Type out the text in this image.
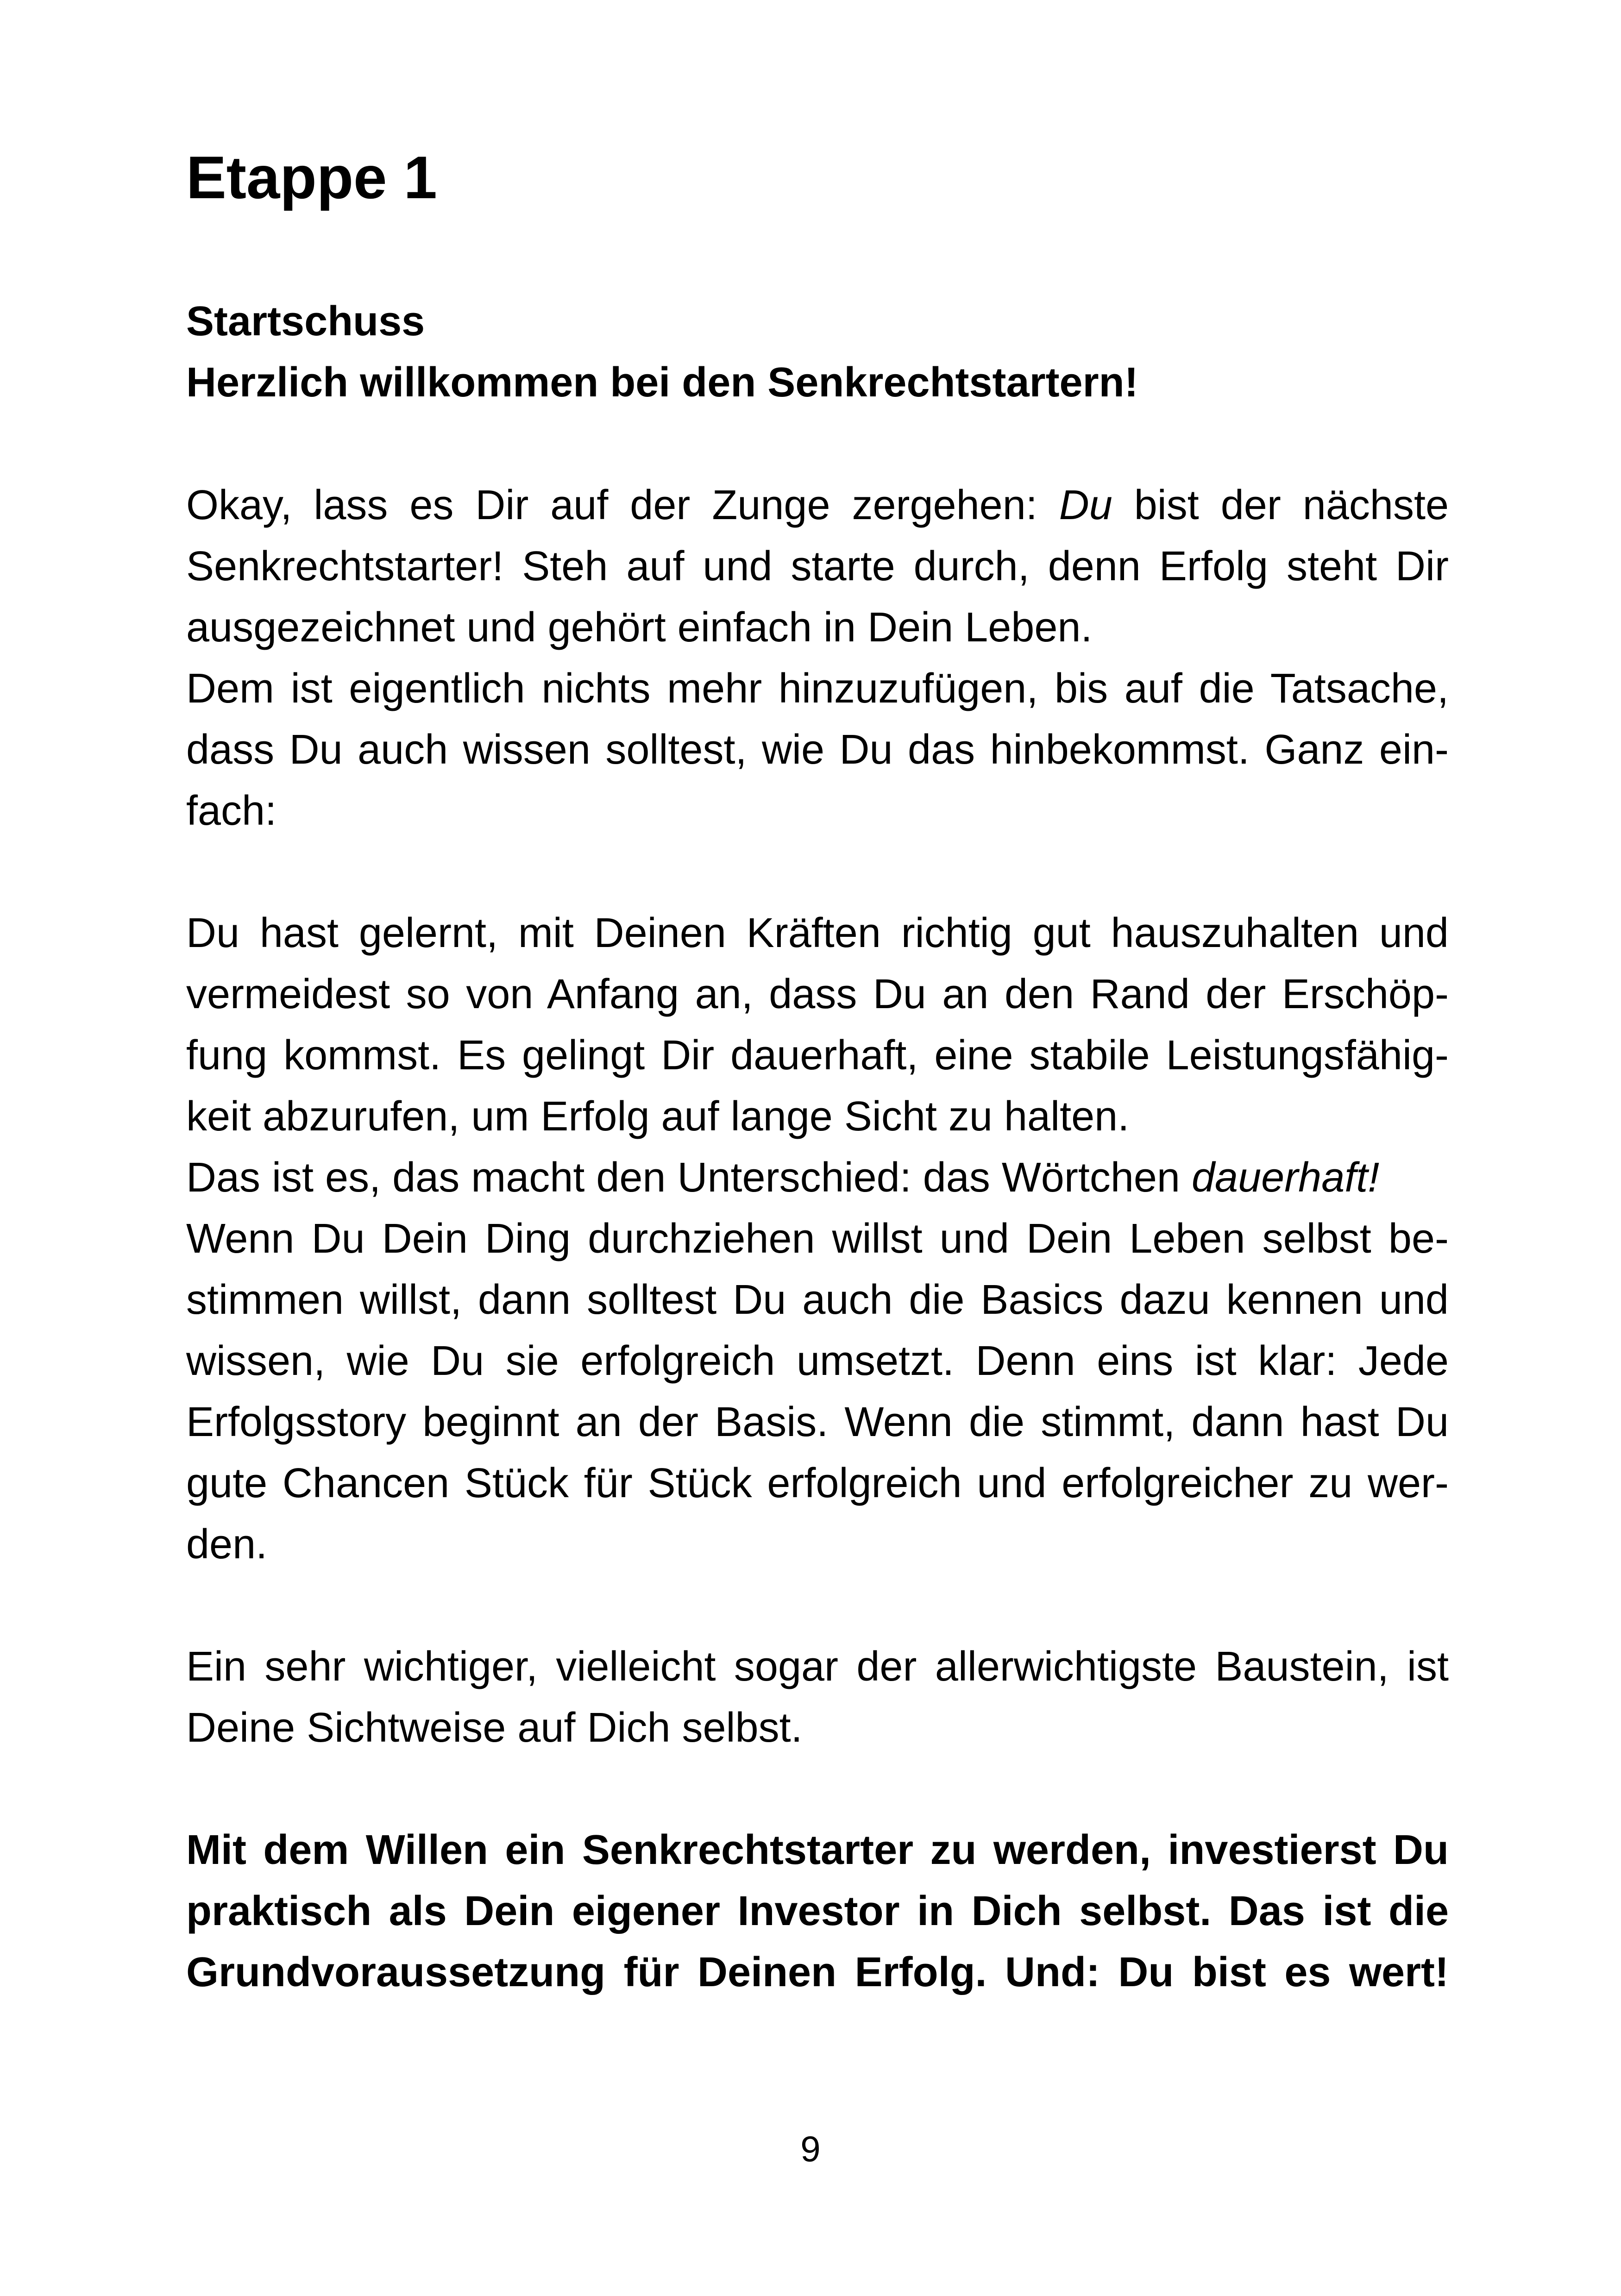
Etappe 1
Startschuss
Herzlich willkommen bei den Senkrechtstartern!
Okay, lass es Dir auf der Zunge zergehen: Du bist der nächste
Senkrechtstarter! Steh auf und starte durch, denn Erfolg steht Dir
ausgezeichnet und gehört einfach in Dein Leben.
Dem ist eigentlich nichts mehr hinzuzufügen, bis auf die Tatsache,
dass Du auch wissen solltest, wie Du das hinbekommst. Ganz ein-
fach:
Du hast gelernt, mit Deinen Kräften richtig gut hauszuhalten und
vermeidest so von Anfang an, dass Du an den Rand der Erschöp-
fung kommst. Es gelingt Dir dauerhaft, eine stabile Leistungsfähig-
keit abzurufen, um Erfolg auf lange Sicht zu halten.
Das ist es, das macht den Unterschied: das Wörtchen dauerhaft!
Wenn Du Dein Ding durchziehen willst und Dein Leben selbst be-
stimmen willst, dann solltest Du auch die Basics dazu kennen und
wissen, wie Du sie erfolgreich umsetzt. Denn eins ist klar: Jede
Erfolgsstory beginnt an der Basis. Wenn die stimmt, dann hast Du
gute Chancen Stück für Stück erfolgreich und erfolgreicher zu wer-
den.
Ein sehr wichtiger, vielleicht sogar der allerwichtigste Baustein, ist
Deine Sichtweise auf Dich selbst.
Mit dem Willen ein Senkrechtstarter zu werden, investierst Du
praktisch als Dein eigener Investor in Dich selbst. Das ist die
Grundvoraussetzung für Deinen Erfolg. Und: Du bist es wert!
9
